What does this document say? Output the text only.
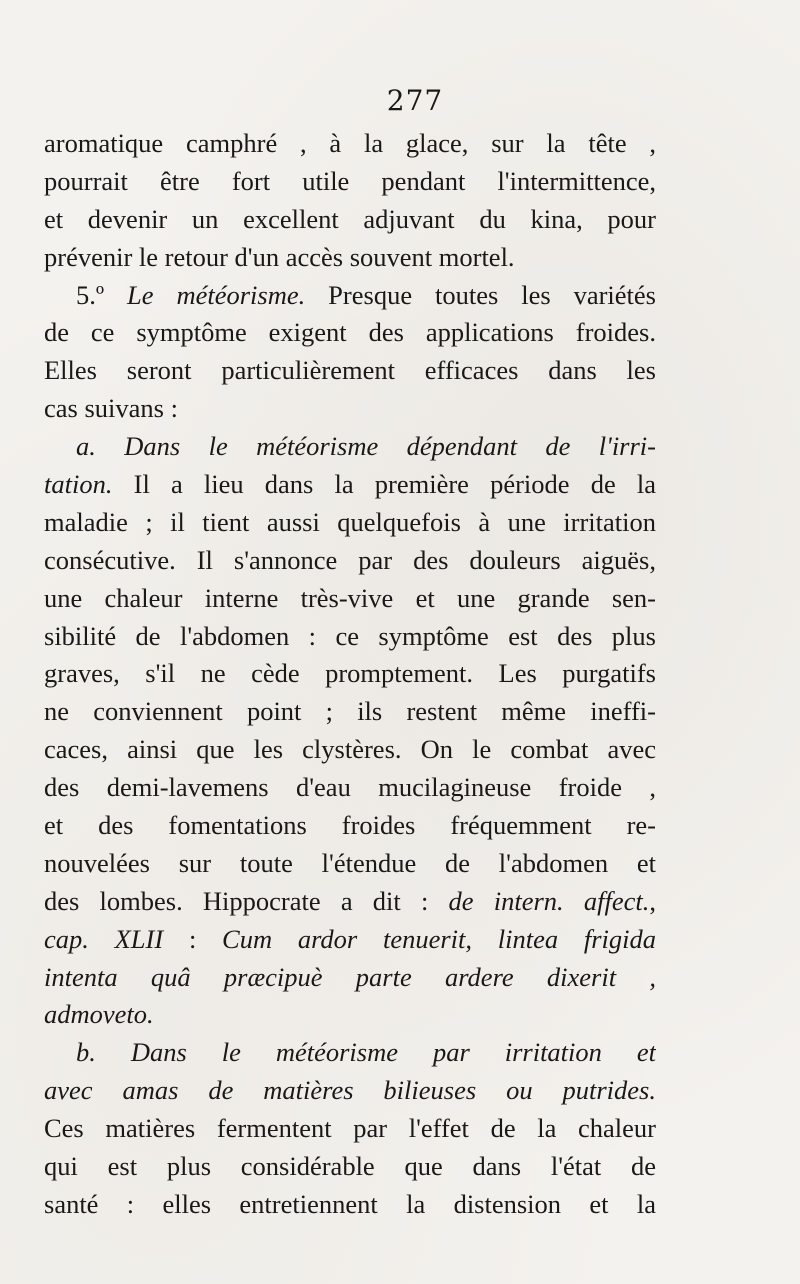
277
aromatique camphré , à la glace, sur la tête ,
pourrait être fort utile pendant l'intermittence,
et devenir un excellent adjuvant du kina, pour
prévenir le retour d'un accès souvent mortel.
5.º Le météorisme. Presque toutes les variétés
de ce symptôme exigent des applications froides.
Elles seront particulièrement efficaces dans les
cas suivans :
a. Dans le météorisme dépendant de l'irri-
tation. Il a lieu dans la première période de la
maladie ; il tient aussi quelquefois à une irritation
consécutive. Il s'annonce par des douleurs aiguës,
une chaleur interne très-vive et une grande sen-
sibilité de l'abdomen : ce symptôme est des plus
graves, s'il ne cède promptement. Les purgatifs
ne conviennent point ; ils restent même ineffi-
caces, ainsi que les clystères. On le combat avec
des demi-lavemens d'eau mucilagineuse froide ,
et des fomentations froides fréquemment re-
nouvelées sur toute l'étendue de l'abdomen et
des lombes. Hippocrate a dit : de intern. affect.,
cap. XLII : Cum ardor tenuerit, lintea frigida
intenta quâ præcipuè parte ardere dixerit ,
admoveto.
b. Dans le météorisme par irritation et
avec amas de matières bilieuses ou putrides.
Ces matières fermentent par l'effet de la chaleur
qui est plus considérable que dans l'état de
santé : elles entretiennent la distension et la
